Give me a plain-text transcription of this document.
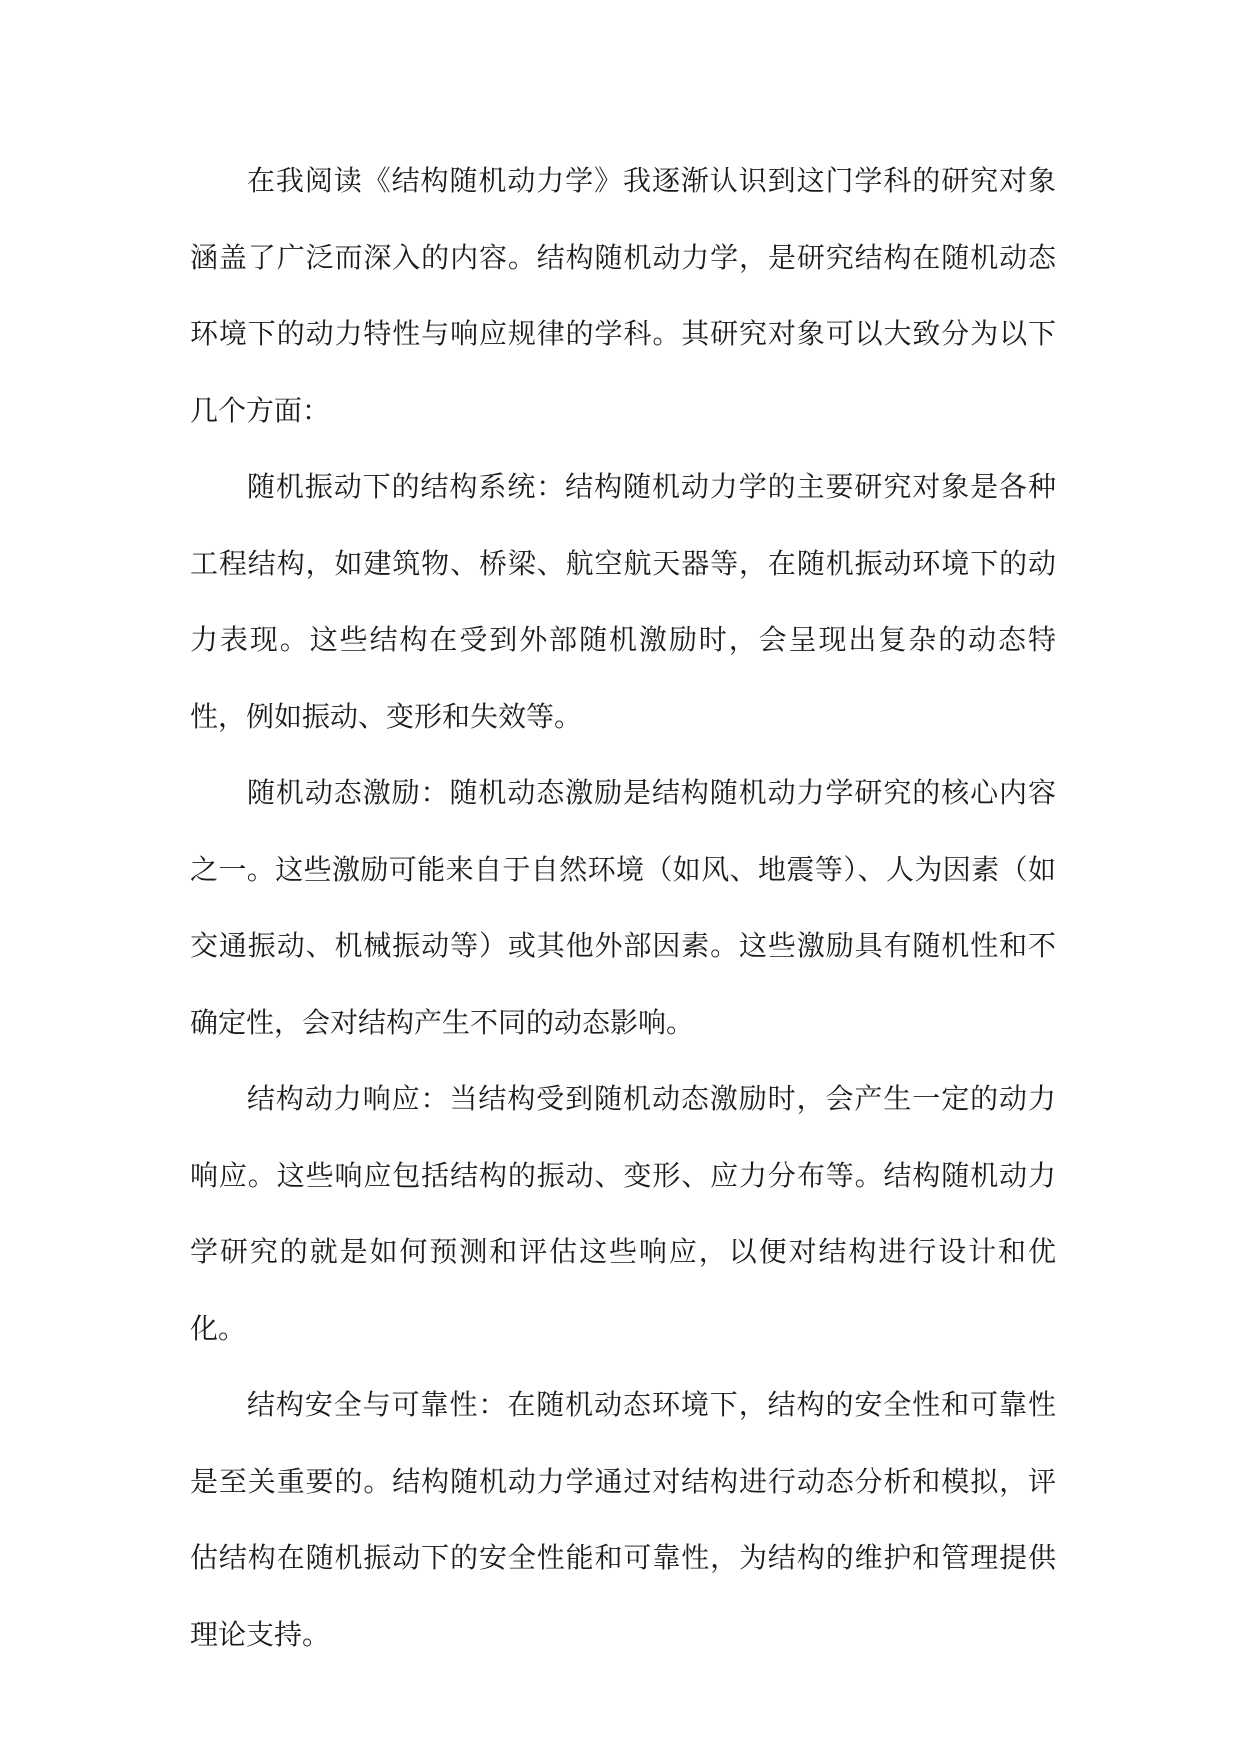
在我阅读《结构随机动力学》我逐渐认识到这门学科的研究对象涵盖了广泛而深入的内容。结构随机动力学，是研究结构在随机动态环境下的动力特性与响应规律的学科。其研究对象可以大致分为以下几个方面：

随机振动下的结构系统：结构随机动力学的主要研究对象是各种工程结构，如建筑物、桥梁、航空航天器等，在随机振动环境下的动力表现。这些结构在受到外部随机激励时，会呈现出复杂的动态特性，例如振动、变形和失效等。

随机动态激励：随机动态激励是结构随机动力学研究的核心内容之一。这些激励可能来自于自然环境（如风、地震等）、人为因素（如交通振动、机械振动等）或其他外部因素。这些激励具有随机性和不确定性，会对结构产生不同的动态影响。

结构动力响应：当结构受到随机动态激励时，会产生一定的动力响应。这些响应包括结构的振动、变形、应力分布等。结构随机动力学研究的就是如何预测和评估这些响应，以便对结构进行设计和优化。

结构安全与可靠性：在随机动态环境下，结构的安全性和可靠性是至关重要的。结构随机动力学通过对结构进行动态分析和模拟，评估结构在随机振动下的安全性能和可靠性，为结构的维护和管理提供理论支持。
